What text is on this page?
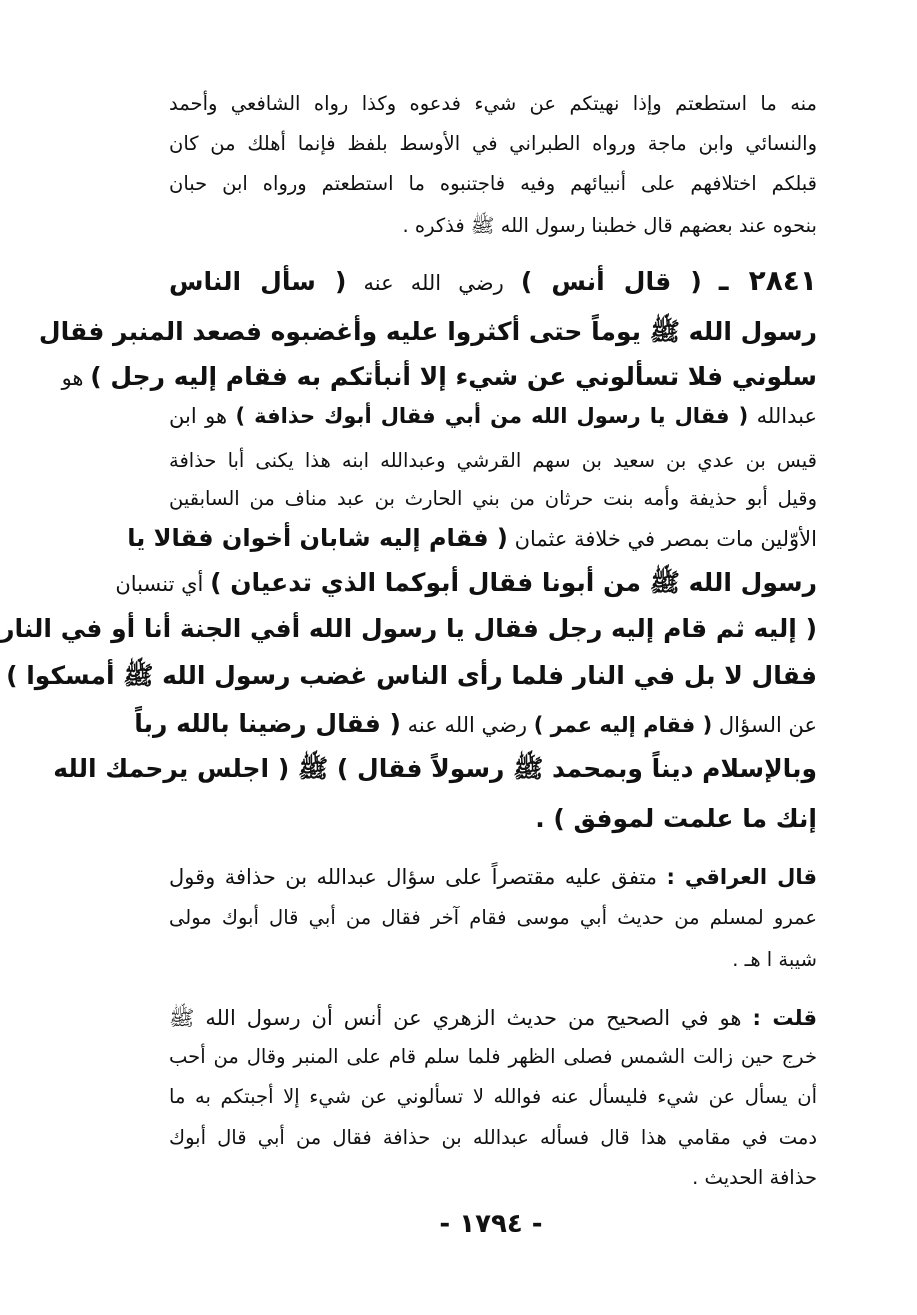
منه ما استطعتم وإذا نهيتكم عن شيء فدعوه وكذا رواه الشافعي وأحمد
والنسائي وابن ماجة ورواه الطبراني في الأوسط بلفظ فإنما أهلك من كان
قبلكم اختلافهم على أنبيائهم وفيه فاجتنبوه ما استطعتم ورواه ابن حبان
بنحوه عند بعضهم قال خطبنا رسول الله ﷺ فذكره .
٢٨٤١ ـ ( قال أنس ) رضي الله عنه ( سأل الناس
رسول الله ﷺ يوماً حتى أكثروا عليه وأغضبوه فصعد المنبر فقال
سلوني فلا تسألوني عن شيء إلا أنبأتكم به فقام إليه رجل ) هو
عبدالله ( فقال يا رسول الله من أبي فقال أبوك حذافة ) هو ابن
قيس بن عدي بن سعيد بن سهم القرشي وعبدالله ابنه هذا يكنى أبا حذافة
وقيل أبو حذيفة وأمه بنت حرثان من بني الحارث بن عبد مناف من السابقين
الأوّلين مات بمصر في خلافة عثمان ( فقام إليه شابان أخوان فقالا يا
رسول الله ﷺ من أبونا فقال أبوكما الذي تدعيان ) أي تنسبان
( إليه ثم قام إليه رجل فقال يا رسول الله أفي الجنة أنا أو في النار
فقال لا بل في النار فلما رأى الناس غضب رسول الله ﷺ أمسكوا )
عن السؤال ( فقام إليه عمر ) رضي الله عنه ( فقال رضينا بالله رباً
وبالإسلام ديناً وبمحمد ﷺ رسولاً فقال ) ﷺ ( اجلس يرحمك الله
إنك ما علمت لموفق ) .
قال العراقي : متفق عليه مقتصراً على سؤال عبدالله بن حذافة وقول
عمرو لمسلم من حديث أبي موسى فقام آخر فقال من أبي قال أبوك مولى
شيبة ا هـ .
قلت : هو في الصحيح من حديث الزهري عن أنس أن رسول الله ﷺ
خرج حين زالت الشمس فصلى الظهر فلما سلم قام على المنبر وقال من أحب
أن يسأل عن شيء فليسأل عنه فوالله لا تسألوني عن شيء إلا أجبتكم به ما
دمت في مقامي هذا قال فسأله عبدالله بن حذافة فقال من أبي قال أبوك
حذافة الحديث .
- ١٧٩٤ -
